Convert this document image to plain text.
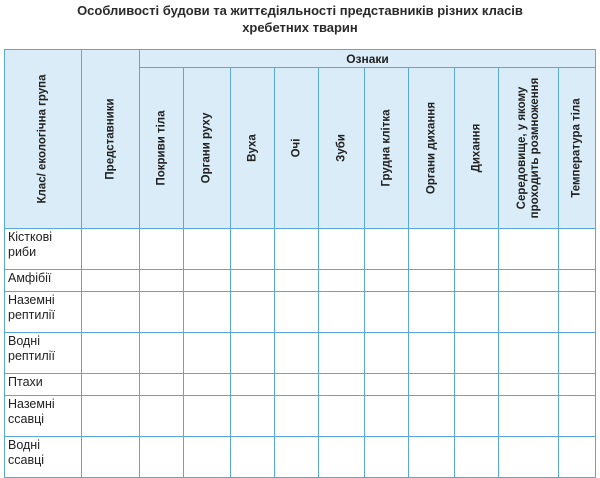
Особливості будови та життєдіяльності представників різних класів
хребетних тварин
Клас/ екологічна група	Представники	Ознаки									

		Покриви тіла	Органи руху	Вуха	Очі	Зуби	Грудна клітка	Органи дихання	Дихання	Середовище, у якому проходить розмноження	Температура тіла

Кісткові риби											
Амфібії											
Наземні рептилії											
Водні рептилії											
Птахи											
Наземні ссавці											
Водні ссавці											
